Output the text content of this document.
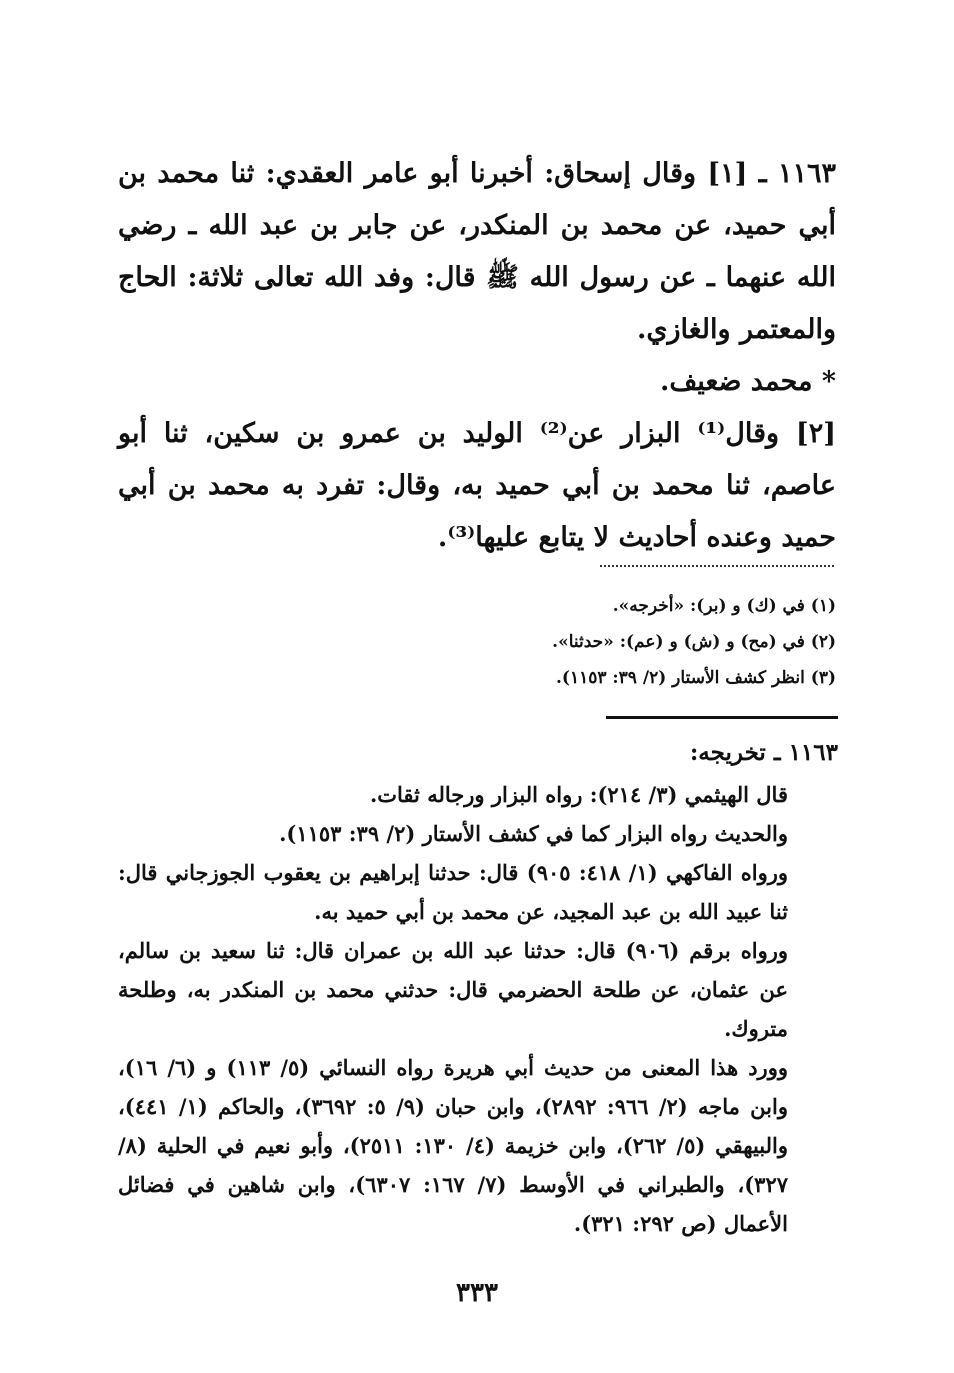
١١٦٣ ـ [١] وقال إسحاق: أخبرنا أبو عامر العقدي: ثنا محمد بن أبي حميد، عن محمد بن المنكدر، عن جابر بن عبد الله ـ رضي الله عنهما ـ عن رسول الله ﷺ قال: وفد الله تعالى ثلاثة: الحاج والمعتمر والغازي.

* محمد ضعيف.

[٢] وقال⁽¹⁾ البزار عن⁽²⁾ الوليد بن عمرو بن سكين، ثنا أبو عاصم، ثنا محمد بن أبي حميد به، وقال: تفرد به محمد بن أبي حميد وعنده أحاديث لا يتابع عليها⁽³⁾.

(١) في (ك) و (بر): «أخرجه».

(٢) في (مح) و (ش) و (عم): «حدثنا».

(٣) انظر كشف الأستار (٢/ ٣٩: ١١٥٣).

١١٦٣ ـ تخريجه:

قال الهيثمي (٣/ ٢١٤): رواه البزار ورجاله ثقات.

والحديث رواه البزار كما في كشف الأستار (٢/ ٣٩: ١١٥٣).

ورواه الفاكهي (١/ ٤١٨: ٩٠٥) قال: حدثنا إبراهيم بن يعقوب الجوزجاني قال: ثنا عبيد الله بن عبد المجيد، عن محمد بن أبي حميد به.

ورواه برقم (٩٠٦) قال: حدثنا عبد الله بن عمران قال: ثنا سعيد بن سالم، عن عثمان، عن طلحة الحضرمي قال: حدثني محمد بن المنكدر به، وطلحة متروك.

وورد هذا المعنى من حديث أبي هريرة رواه النسائي (٥/ ١١٣) و (٦/ ١٦)، وابن ماجه (٢/ ٩٦٦: ٢٨٩٢)، وابن حبان (٩/ ٥: ٣٦٩٢)، والحاكم (١/ ٤٤١)، والبيهقي (٥/ ٢٦٢)، وابن خزيمة (٤/ ١٣٠: ٢٥١١)، وأبو نعيم في الحلية (٨/ ٣٢٧)، والطبراني في الأوسط (٧/ ١٦٧: ٦٣٠٧)، وابن شاهين في فضائل الأعمال (ص ٢٩٢: ٣٢١).

٣٣٣
